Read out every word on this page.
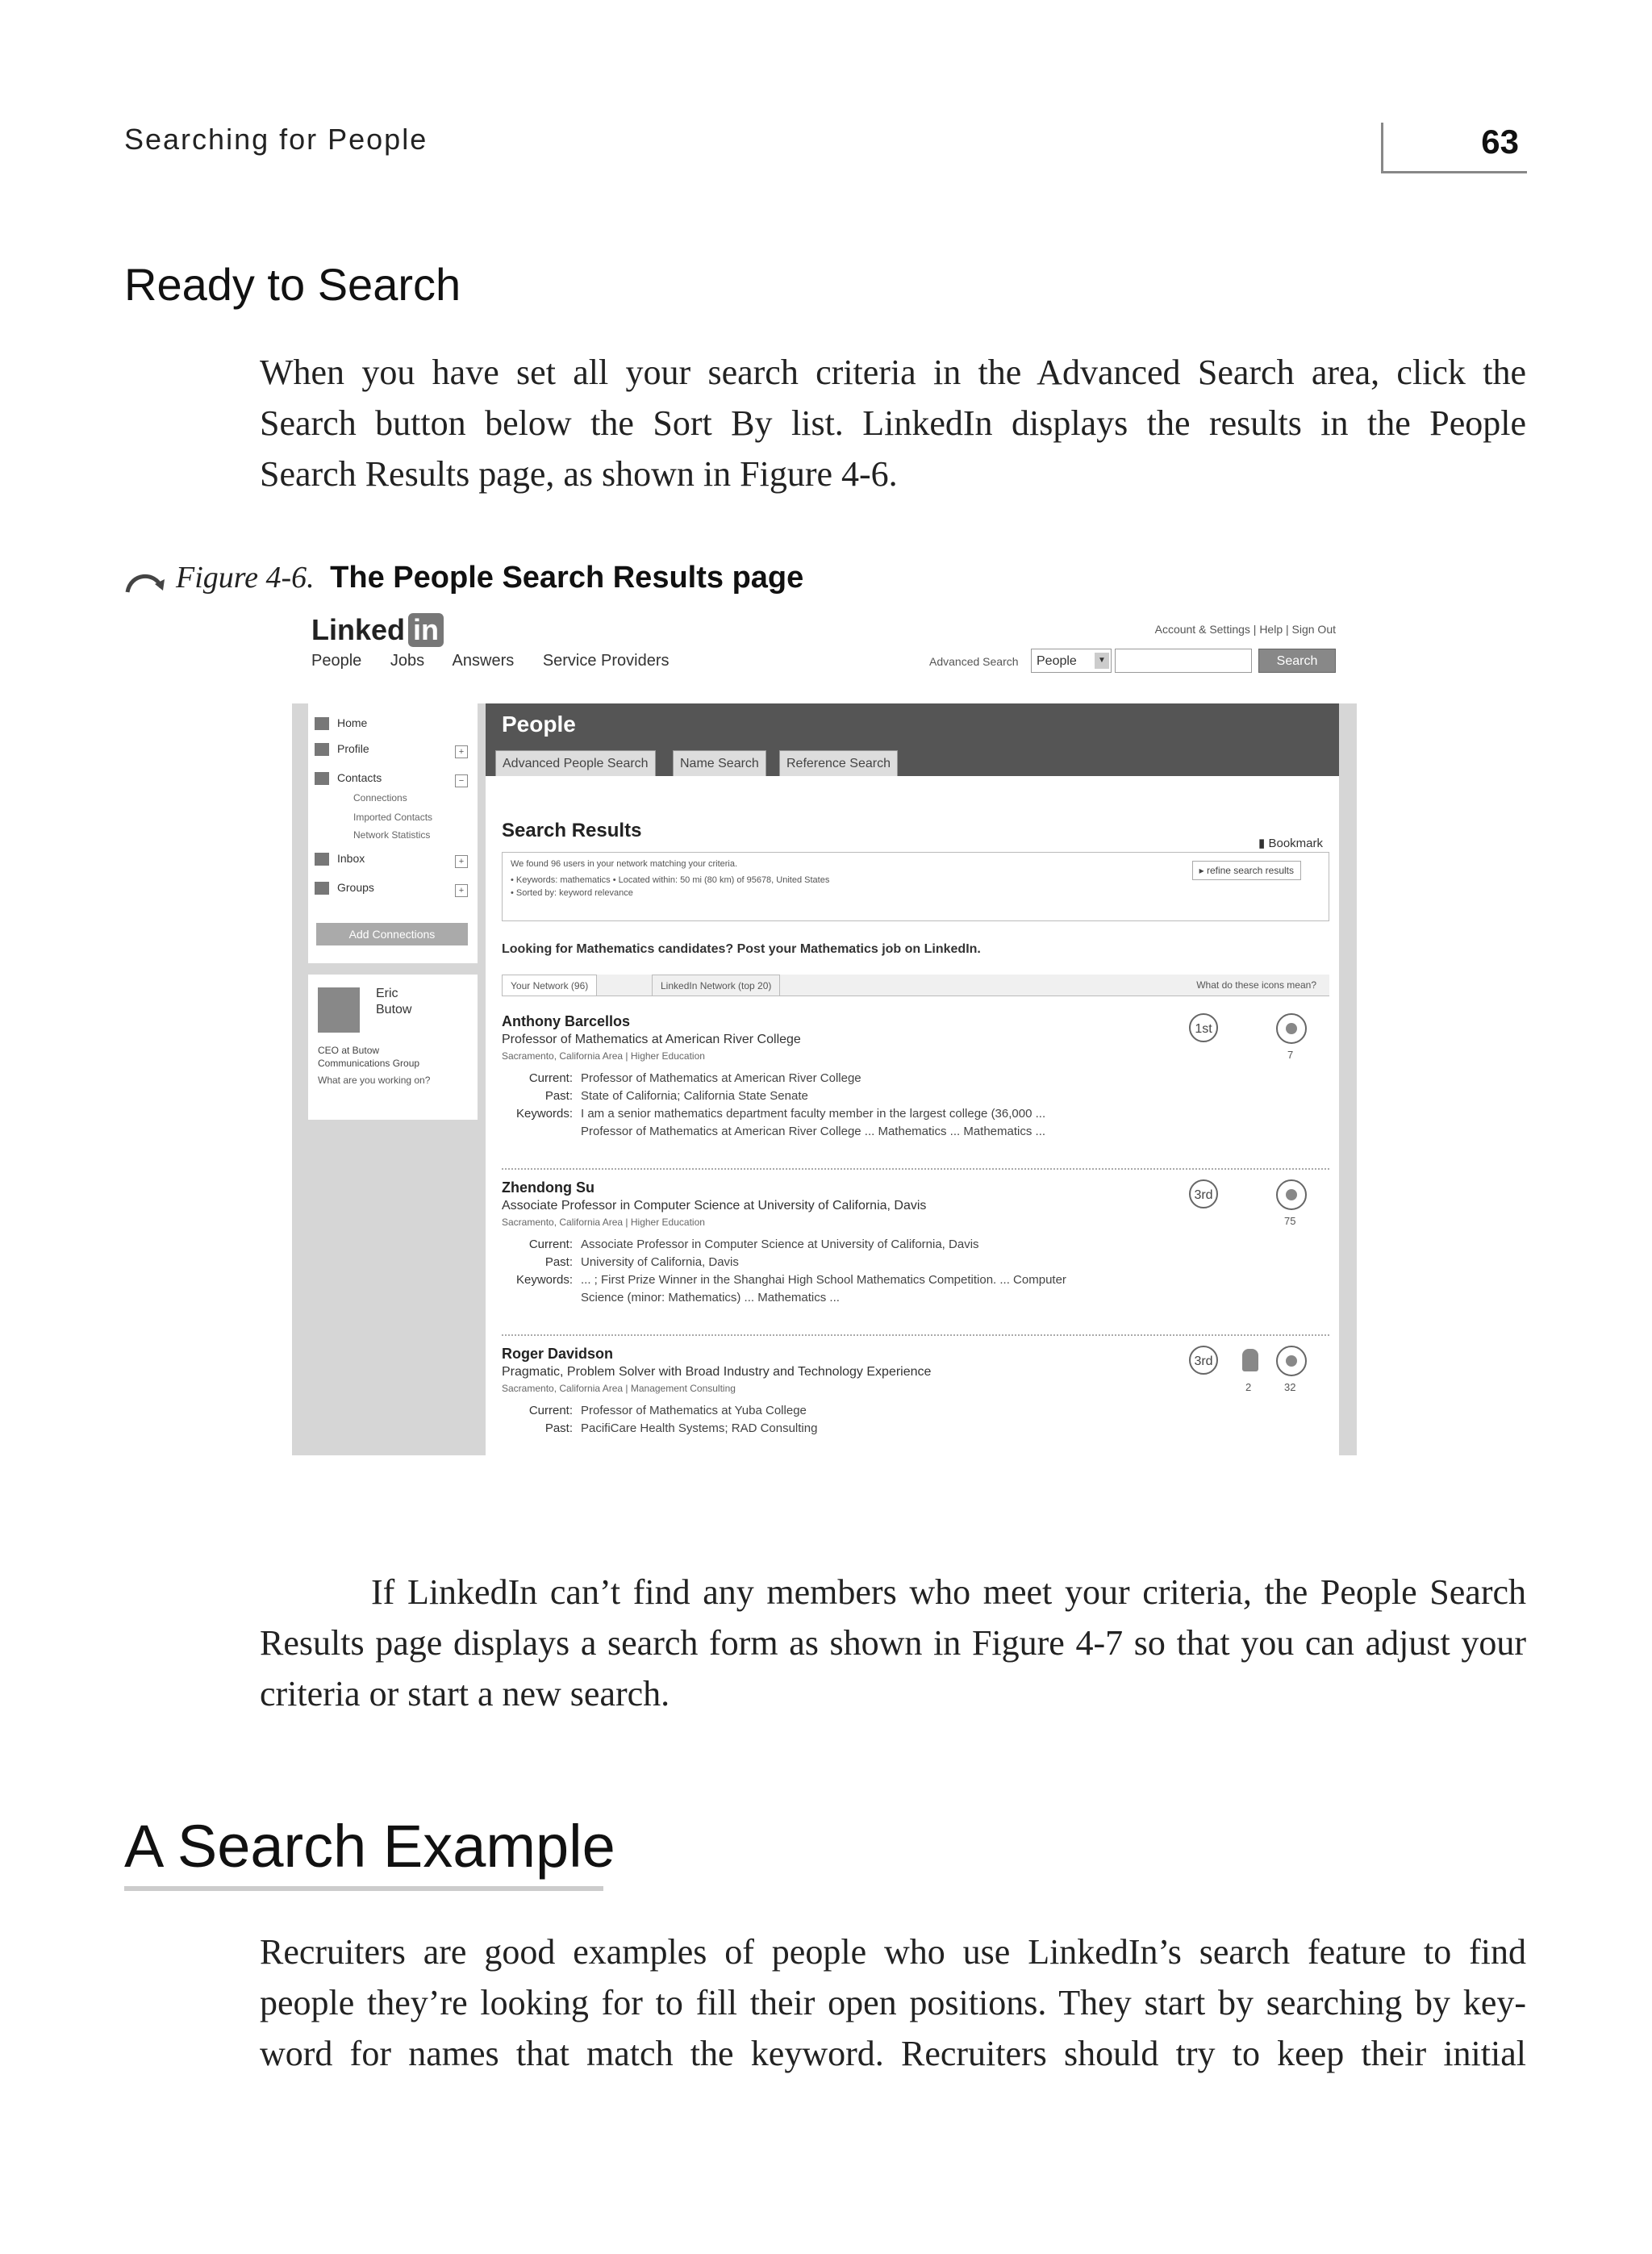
Searching for People	63
Ready to Search
When you have set all your search criteria in the Advanced Search area, click the
Search button below the Sort By list. LinkedIn displays the results in the People
Search Results page, as shown in Figure 4-6.
Figure 4-6. The People Search Results page
Linked in	Account & Settings | Help | Sign Out
People Jobs Answers Service Providers	Advanced Search	People	▼	Search
Home
Profile	+
Contacts	−
Connections
Imported Contacts
Network Statistics
Inbox	+
Groups	+
Add Connections
Eric
Butow
CEO at Butow
Communications Group
What are you working on?
People
Advanced People Search	Name Search	Reference Search
Search Results
▮ Bookmark
We found 96 users in your network matching your criteria.
• Keywords: mathematics • Located within: 50 mi (80 km) of 95678, United States
• Sorted by: keyword relevance
▸ refine search results
Looking for Mathematics candidates? Post your Mathematics job on LinkedIn.
Your Network (96)	LinkedIn Network (top 20)	What do these icons mean?
Anthony Barcellos
Professor of Mathematics at American River College
Sacramento, California Area | Higher Education
1st
7
Current: Professor of Mathematics at American River College
Past: State of California; California State Senate
Keywords: I am a senior mathematics department faculty member in the largest college (36,000 ...
Professor of Mathematics at American River College ... Mathematics ... Mathematics ...
Zhendong Su
Associate Professor in Computer Science at University of California, Davis
Sacramento, California Area | Higher Education
3rd
75
Current: Associate Professor in Computer Science at University of California, Davis
Past: University of California, Davis
Keywords: ... ; First Prize Winner in the Shanghai High School Mathematics Competition. ... Computer
Science (minor: Mathematics) ... Mathematics ...
Roger Davidson
Pragmatic, Problem Solver with Broad Industry and Technology Experience
Sacramento, California Area | Management Consulting
3rd
2	32
Current: Professor of Mathematics at Yuba College
Past: PacifiCare Health Systems; RAD Consulting
If LinkedIn can’t find any members who meet your criteria, the People Search
Results page displays a search form as shown in Figure 4-7 so that you can adjust your
criteria or start a new search.
A Search Example
Recruiters are good examples of people who use LinkedIn’s search feature to find
people they’re looking for to fill their open positions. They start by searching by key-
word for names that match the keyword. Recruiters should try to keep their initial
